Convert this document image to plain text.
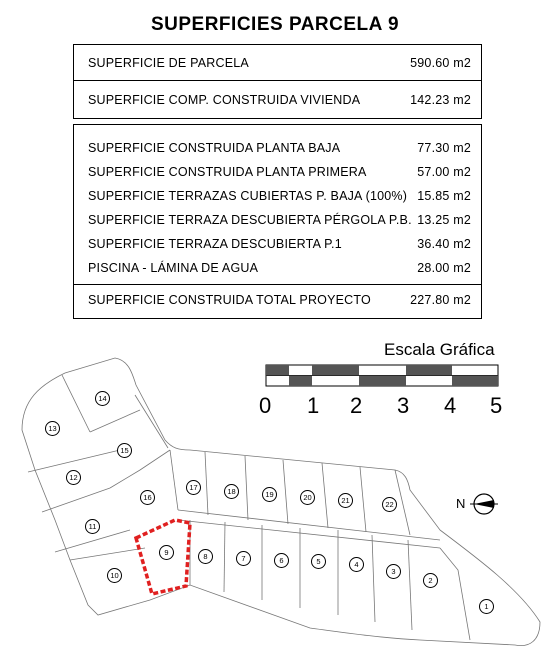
SUPERFICIES PARCELA 9
SUPERFICIE DE PARCELA	590.60 m2
SUPERFICIE COMP. CONSTRUIDA VIVIENDA	142.23 m2
SUPERFICIE CONSTRUIDA PLANTA BAJA	77.30 m2
SUPERFICIE CONSTRUIDA PLANTA PRIMERA	57.00 m2
SUPERFICIE TERRAZAS CUBIERTAS P. BAJA (100%) 15.85 m2
SUPERFICIE TERRAZA DESCUBIERTA PÉRGOLA P.B. 13.25 m2
SUPERFICIE TERRAZA DESCUBIERTA P.1	36.40 m2
PISCINA - LÁMINA DE AGUA	28.00 m2
SUPERFICIE CONSTRUIDA TOTAL PROYECTO	227.80 m2
Escala Gráfica
0 1 2 3 4 5
N
1
2
3
4
5
6
7
8
9
10
11
12
13
14
15
16
17	18	19	20	21	22
